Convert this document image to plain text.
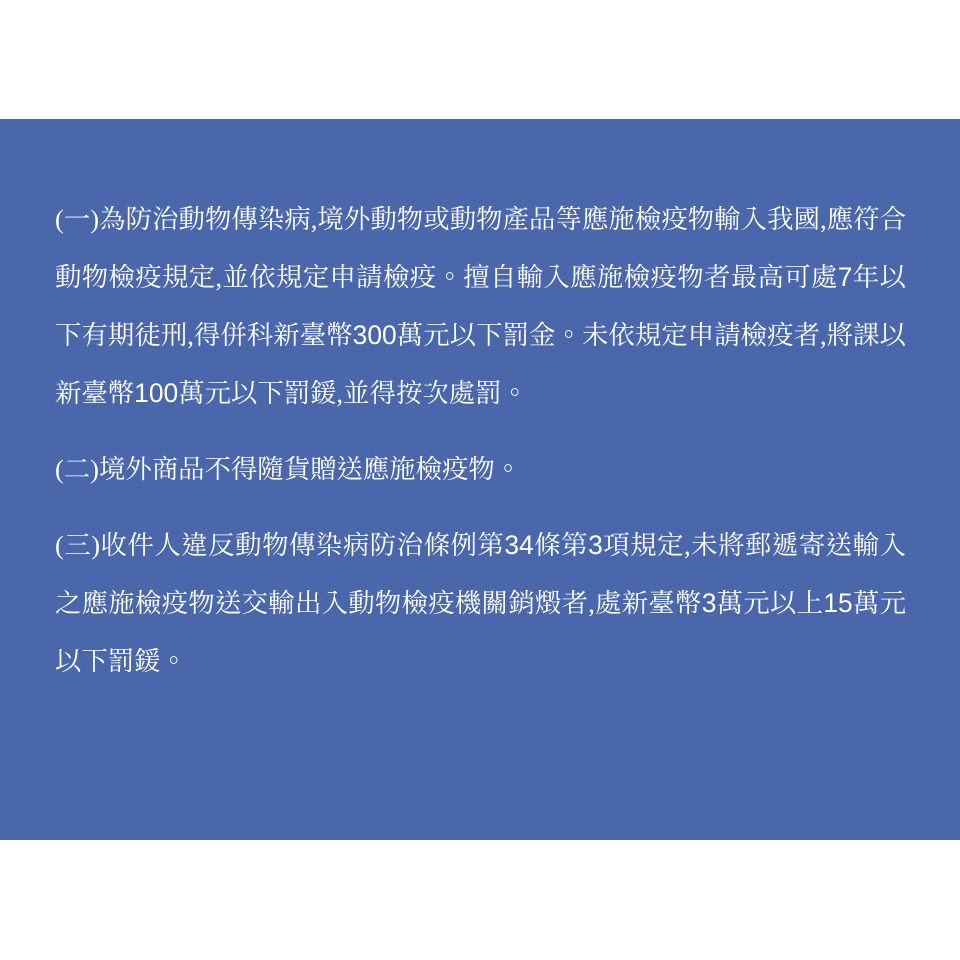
(一)為防治動物傳染病,境外動物或動物產品等應施檢疫物輸入我國,應符合動物檢疫規定,並依規定申請檢疫。擅自輸入應施檢疫物者最高可處7年以下有期徒刑,得併科新臺幣300萬元以下罰金。未依規定申請檢疫者,將課以新臺幣100萬元以下罰鍰,並得按次處罰。

(二)境外商品不得隨貨贈送應施檢疫物。

(三)收件人違反動物傳染病防治條例第34條第3項規定,未將郵遞寄送輸入之應施檢疫物送交輸出入動物檢疫機關銷燬者,處新臺幣3萬元以上15萬元以下罰鍰。
